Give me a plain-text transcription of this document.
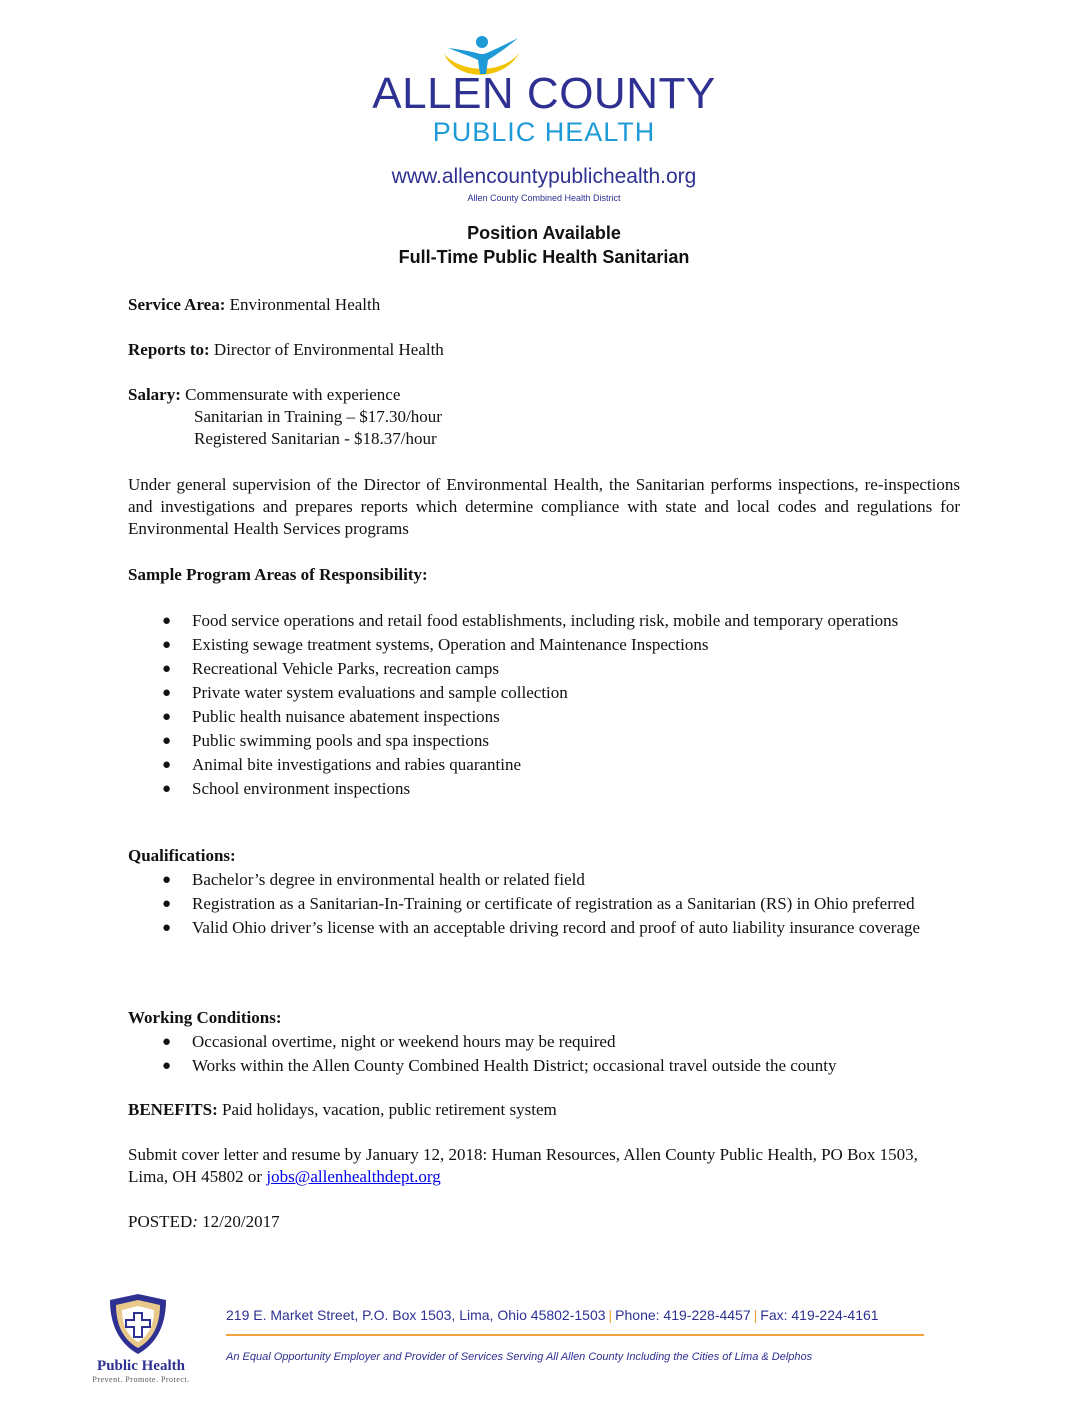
ALLEN COUNTY
PUBLIC HEALTH
www.allencountypublichealth.org
Allen County Combined Health District
Position Available
Full-Time Public Health Sanitarian
Service Area: Environmental Health
Reports to: Director of Environmental Health
Salary: Commensurate with experience
Sanitarian in Training – $17.30/hour
Registered Sanitarian - $18.37/hour
Under general supervision of the Director of Environmental Health, the Sanitarian performs inspections, re-inspections and investigations and prepares reports which determine compliance with state and local codes and regulations for Environmental Health Services programs
Sample Program Areas of Responsibility:
● Food service operations and retail food establishments, including risk, mobile and temporary operations
● Existing sewage treatment systems, Operation and Maintenance Inspections
● Recreational Vehicle Parks, recreation camps
● Private water system evaluations and sample collection
● Public health nuisance abatement inspections
● Public swimming pools and spa inspections
● Animal bite investigations and rabies quarantine
● School environment inspections
Qualifications:
● Bachelor’s degree in environmental health or related field
● Registration as a Sanitarian-In-Training or certificate of registration as a Sanitarian (RS) in Ohio preferred
● Valid Ohio driver’s license with an acceptable driving record and proof of auto liability insurance coverage
Working Conditions:
● Occasional overtime, night or weekend hours may be required
● Works within the Allen County Combined Health District; occasional travel outside the county
BENEFITS: Paid holidays, vacation, public retirement system
Submit cover letter and resume by January 12, 2018: Human Resources, Allen County Public Health, PO Box 1503, Lima, OH 45802 or jobs@allenhealthdept.org
POSTED: 12/20/2017
Public Health
Prevent. Promote. Protect.
219 E. Market Street, P.O. Box 1503, Lima, Ohio 45802-1503 | Phone: 419-228-4457 | Fax: 419-224-4161
An Equal Opportunity Employer and Provider of Services Serving All Allen County Including the Cities of Lima & Delphos
